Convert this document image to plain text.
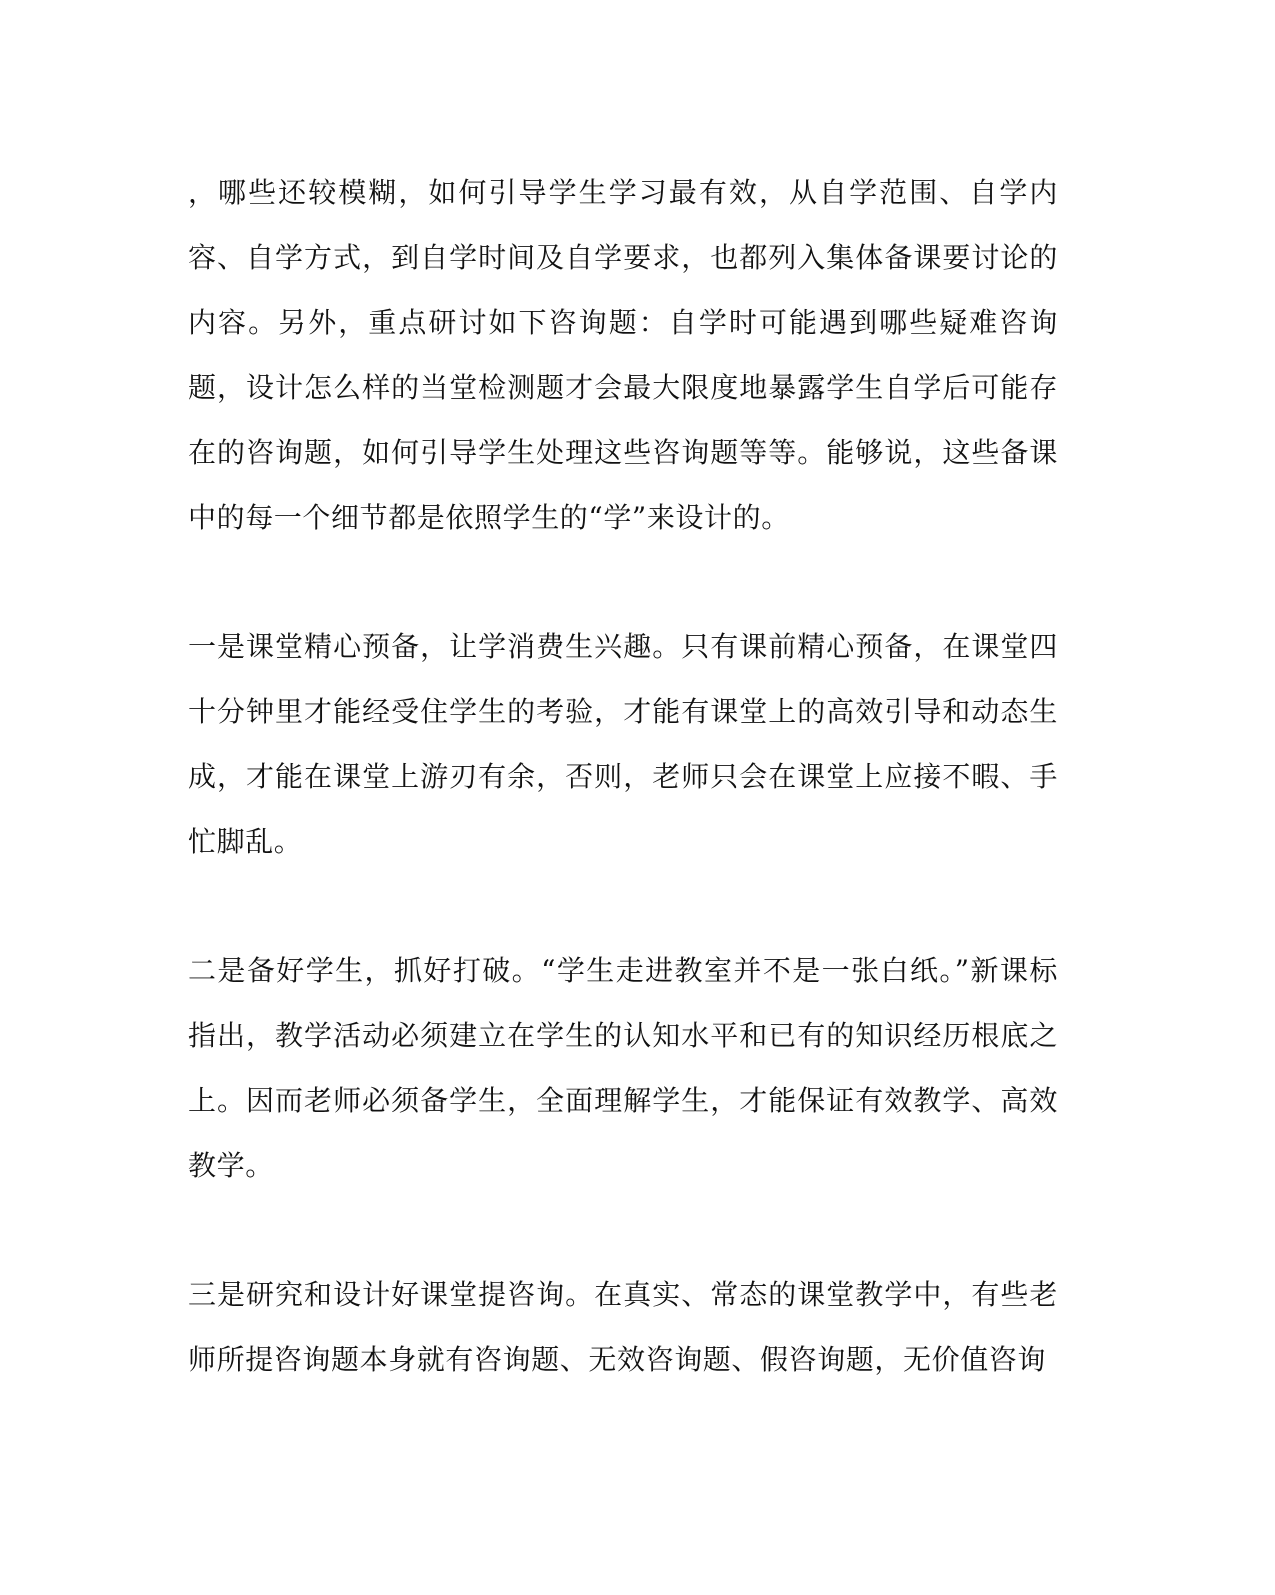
，哪些还较模糊，如何引导学生学习最有效，从自学范围、自学内容、自学方式，到自学时间及自学要求，也都列入集体备课要讨论的内容。另外，重点研讨如下咨询题：自学时可能遇到哪些疑难咨询题，设计怎么样的当堂检测题才会最大限度地暴露学生自学后可能存在的咨询题，如何引导学生处理这些咨询题等等。能够说，这些备课中的每一个细节都是依照学生的“学”来设计的。

一是课堂精心预备，让学消费生兴趣。只有课前精心预备，在课堂四十分钟里才能经受住学生的考验，才能有课堂上的高效引导和动态生成，才能在课堂上游刃有余，否则，老师只会在课堂上应接不暇、手忙脚乱。

二是备好学生，抓好打破。“学生走进教室并不是一张白纸。”新课标指出，教学活动必须建立在学生的认知水平和已有的知识经历根底之上。因而老师必须备学生，全面理解学生，才能保证有效教学、高效教学。

三是研究和设计好课堂提咨询。在真实、常态的课堂教学中，有些老师所提咨询题本身就有咨询题、无效咨询题、假咨询题，无价值咨询
